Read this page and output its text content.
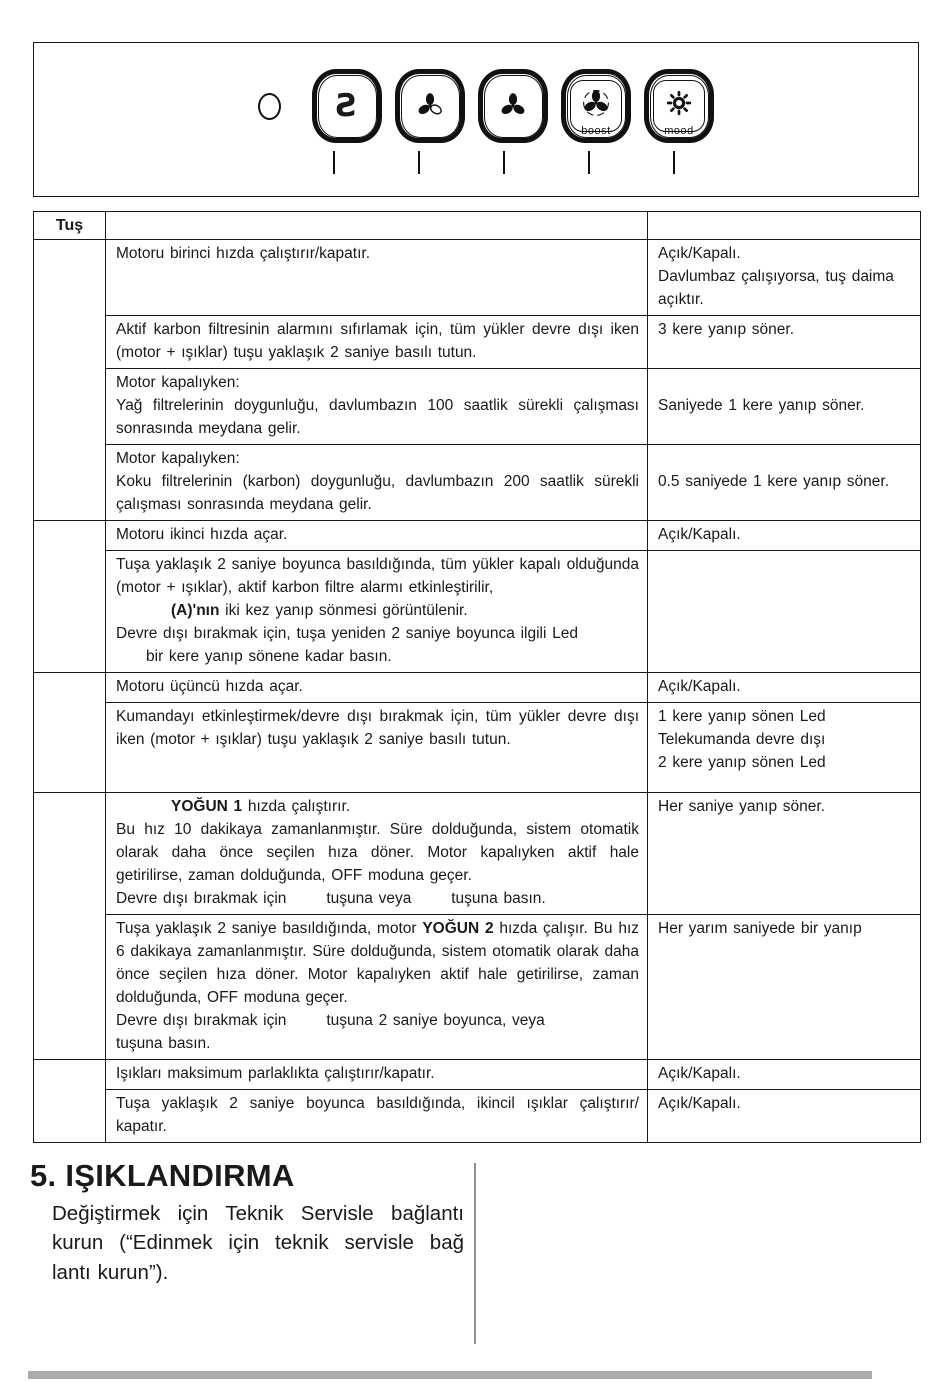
Ƨ
boost	mood
Tuş		

	Motoru birinci hızda çalıştırır/kapatır.	Açık/Kapalı.
Davlumbaz çalışıyorsa, tuş daima açıktır.

	Aktif karbon filtresinin alarmını sıfırlamak için, tüm yükler devre dışı iken (motor + ışıklar) tuşu yaklaşık 2 saniye basılı tutun.	3 kere yanıp söner.

	Motor kapalıyken:
Yağ filtrelerinin doygunluğu, davlumbazın 100 saatlik sürekli çalışması sonrasında meydana gelir.	Saniyede 1 kere yanıp söner.

	Motor kapalıyken:
Koku filtrelerinin (karbon) doygunluğu, davlumbazın 200 saatlik sürekli çalışması sonrasında meydana gelir.	0.5 saniyede 1 kere yanıp söner.

	Motoru ikinci hızda açar.	Açık/Kapalı.

	Tuşa yaklaşık 2 saniye boyunca basıldığında, tüm yükler kapalı olduğunda (motor + ışıklar), aktif karbon filtre alarmı etkinleştirilir,
(A)'nın iki kez yanıp sönmesi görüntülenir.
Devre dışı bırakmak için, tuşa yeniden 2 saniye boyunca ilgili Led
bir kere yanıp sönene kadar basın.	

	Motoru üçüncü hızda açar.	Açık/Kapalı.

	Kumandayı etkinleştirmek/devre dışı bırakmak için, tüm yükler devre dışı iken (motor + ışıklar) tuşu yaklaşık 2 saniye basılı tutun.	1 kere yanıp sönen Led
Telekumanda devre dışı
2 kere yanıp sönen Led

	YOĞUN 1 hızda çalıştırır.
Bu hız 10 dakikaya zamanlanmıştır. Süre dolduğunda, sistem otomatik olarak daha önce seçilen hıza döner. Motor kapalıyken aktif hale getirilirse, zaman dolduğunda, OFF moduna geçer.
Devre dışı bırakmak için       tuşuna veya       tuşuna basın.	Her saniye yanıp söner.

	Tuşa yaklaşık 2 saniye basıldığında, motor YOĞUN 2 hızda çalışır. Bu hız 6 dakikaya zamanlanmıştır. Süre dolduğunda, sistem otomatik olarak daha önce seçilen hıza döner. Motor kapalıyken aktif hale getirilirse, zaman dolduğunda, OFF moduna geçer.
Devre dışı bırakmak için       tuşuna 2 saniye boyunca, veya
tuşuna basın.	Her yarım saniyede bir yanıp

	Işıkları maksimum parlaklıkta çalıştırır/kapatır.	Açık/Kapalı.

	Tuşa yaklaşık 2 saniye boyunca basıldığında, ikincil ışıklar çalıştırır/ kapatır.	Açık/Kapalı.
5. IŞIKLANDIRMA

Değiştirmek için Teknik Servisle bağlantı kurun (“Edinmek için teknik servisle bağ lantı kurun”).
